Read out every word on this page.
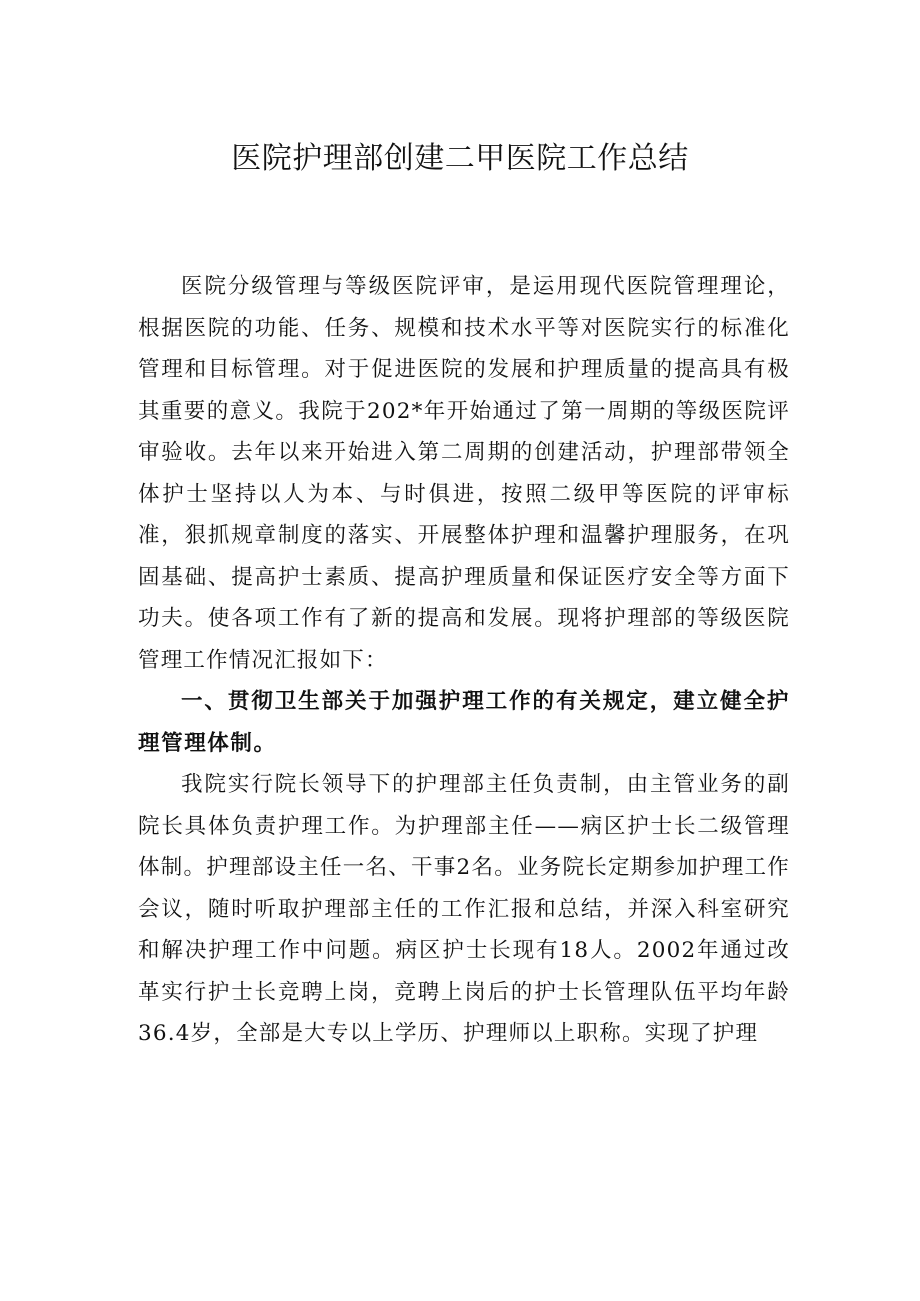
医院护理部创建二甲医院工作总结

医院分级管理与等级医院评审，是运用现代医院管理理论，根据医院的功能、任务、规模和技术水平等对医院实行的标准化管理和目标管理。对于促进医院的发展和护理质量的提高具有极其重要的意义。我院于202*年开始通过了第一周期的等级医院评审验收。去年以来开始进入第二周期的创建活动，护理部带领全体护士坚持以人为本、与时俱进，按照二级甲等医院的评审标准，狠抓规章制度的落实、开展整体护理和温馨护理服务，在巩固基础、提高护士素质、提高护理质量和保证医疗安全等方面下功夫。使各项工作有了新的提高和发展。现将护理部的等级医院管理工作情况汇报如下：

一、贯彻卫生部关于加强护理工作的有关规定，建立健全护理管理体制。

我院实行院长领导下的护理部主任负责制，由主管业务的副院长具体负责护理工作。为护理部主任——病区护士长二级管理体制。护理部设主任一名、干事2名。业务院长定期参加护理工作会议，随时听取护理部主任的工作汇报和总结，并深入科室研究和解决护理工作中问题。病区护士长现有18人。2002年通过改革实行护士长竞聘上岗，竞聘上岗后的护士长管理队伍平均年龄36.4岁，全部是大专以上学历、护理师以上职称。实现了护理
